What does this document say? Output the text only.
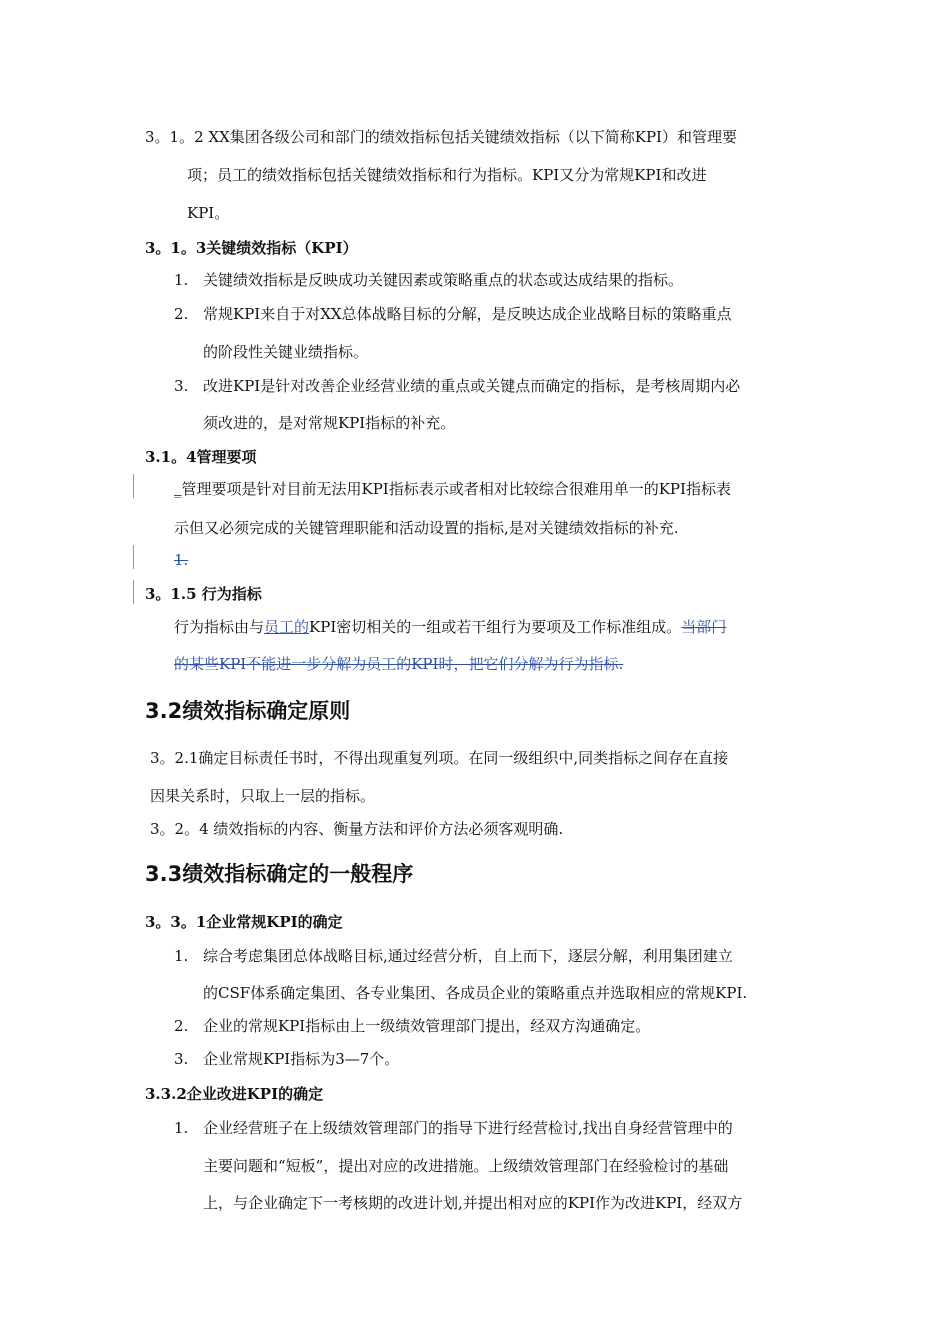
3。1。2 XX集团各级公司和部门的绩效指标包括关键绩效指标（以下简称KPI）和管理要
项；员工的绩效指标包括关键绩效指标和行为指标。KPI又分为常规KPI和改进
KPI。
3。1。3关键绩效指标（KPI）
1. 关键绩效指标是反映成功关键因素或策略重点的状态或达成结果的指标。
2. 常规KPI来自于对XX总体战略目标的分解，是反映达成企业战略目标的策略重点
的阶段性关键业绩指标。
3. 改进KPI是针对改善企业经营业绩的重点或关键点而确定的指标，是考核周期内必
须改进的，是对常规KPI指标的补充。
3.1。4管理要项
_管理要项是针对目前无法用KPI指标表示或者相对比较综合很难用单一的KPI指标表
示但又必须完成的关键管理职能和活动设置的指标,是对关键绩效指标的补充.
1.
3。1.5 行为指标
行为指标由与员工的KPI密切相关的一组或若干组行为要项及工作标准组成。当部门
的某些KPI不能进一步分解为员工的KPI时，把它们分解为行为指标.
3.2绩效指标确定原则
3。2.1确定目标责任书时，不得出现重复列项。在同一级组织中,同类指标之间存在直接
因果关系时，只取上一层的指标。
3。2。4 绩效指标的内容、衡量方法和评价方法必须客观明确.
3.3绩效指标确定的一般程序
3。3。1企业常规KPI的确定
1. 综合考虑集团总体战略目标,通过经营分析，自上而下，逐层分解，利用集团建立
的CSF体系确定集团、各专业集团、各成员企业的策略重点并选取相应的常规KPI.
2. 企业的常规KPI指标由上一级绩效管理部门提出，经双方沟通确定。
3. 企业常规KPI指标为3—7个。
3.3.2企业改进KPI的确定
1. 企业经营班子在上级绩效管理部门的指导下进行经营检讨,找出自身经营管理中的
主要问题和“短板”，提出对应的改进措施。上级绩效管理部门在经验检讨的基础
上，与企业确定下一考核期的改进计划,并提出相对应的KPI作为改进KPI，经双方
